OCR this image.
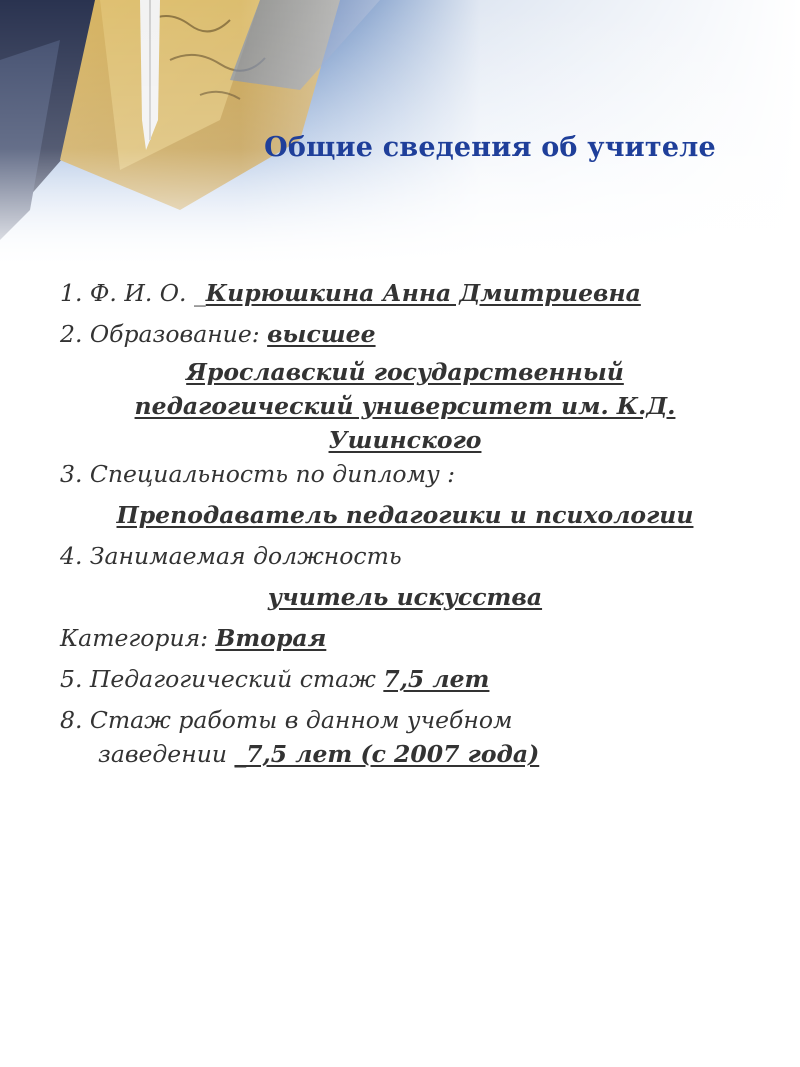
Общие сведения об учителе
1. Ф. И. О. _Кирюшкина Анна Дмитриевна
2. Образование: высшее
Ярославский государственный
педагогический университет им. К.Д.
Ушинского
3. Специальность по диплому :
Преподаватель педагогики и психологии
4. Занимаемая должность
учитель искусства
Категория: Вторая
5. Педагогический стаж 7,5 лет
8. Стаж работы в данном учебном
заведении _7,5 лет (с 2007 года)
